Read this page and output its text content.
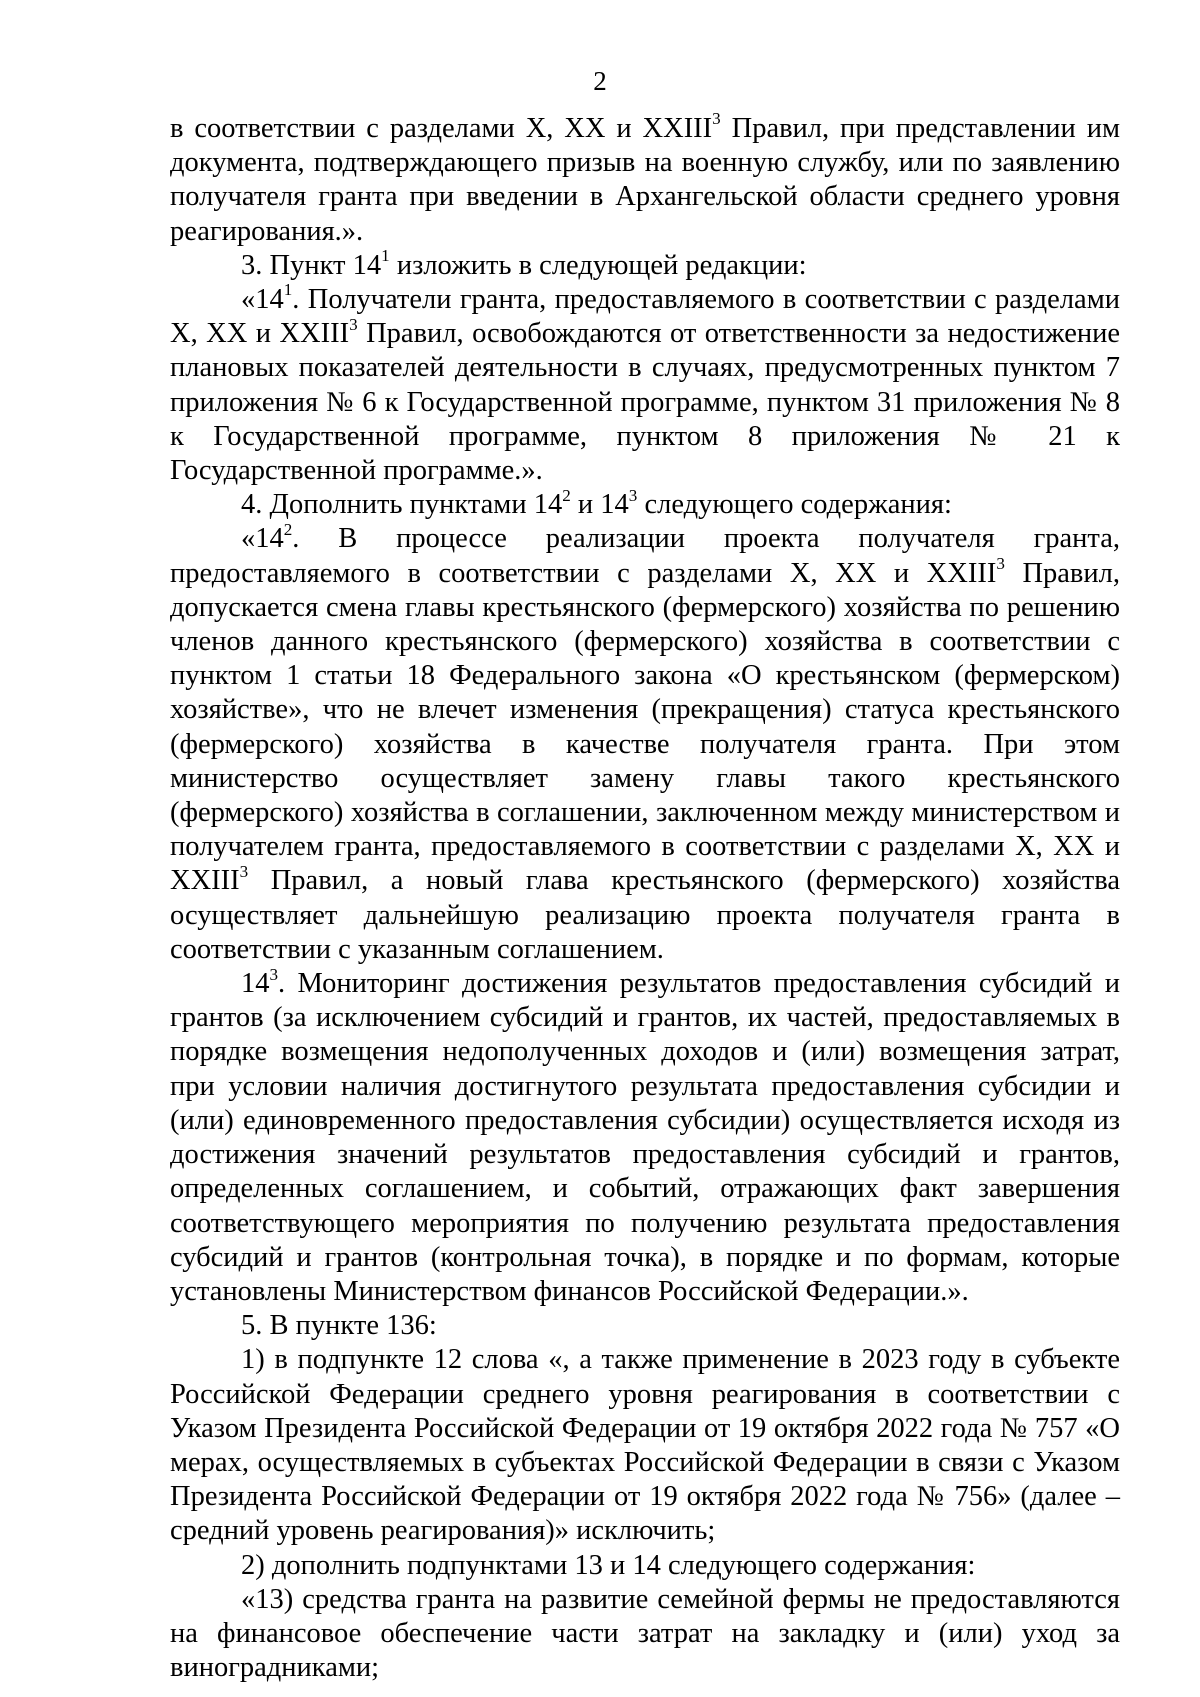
2

в соответствии с разделами X, XX и XXIII$^3$ Правил, при представлении им документа, подтверждающего призыв на военную службу, или по заявлению получателя гранта при введении в Архангельской области среднего уровня реагирования.».

3. Пункт $14^1$ изложить в следующей редакции:

«$14^1$. Получатели гранта, предоставляемого в соответствии с разделами X, XX и XXIII$^3$ Правил, освобождаются от ответственности за недостижение плановых показателей деятельности в случаях, предусмотренных пунктом 7 приложения № 6 к Государственной программе, пунктом 31 приложения № 8 к Государственной программе, пунктом 8 приложения № 21 к Государственной программе.».

4. Дополнить пунктами $14^2$ и $14^3$ следующего содержания:

«$14^2$. В процессе реализации проекта получателя гранта, предоставляемого в соответствии с разделами X, XX и XXIII$^3$ Правил, допускается смена главы крестьянского (фермерского) хозяйства по решению членов данного крестьянского (фермерского) хозяйства в соответствии с пунктом 1 статьи 18 Федерального закона «О крестьянском (фермерском) хозяйстве», что не влечет изменения (прекращения) статуса крестьянского (фермерского) хозяйства в качестве получателя гранта. При этом министерство осуществляет замену главы такого крестьянского (фермерского) хозяйства в соглашении, заключенном между министерством и получателем гранта, предоставляемого в соответствии с разделами X, XX и XXIII$^3$ Правил, а новый глава крестьянского (фермерского) хозяйства осуществляет дальнейшую реализацию проекта получателя гранта в соответствии с указанным соглашением.

$14^3$. Мониторинг достижения результатов предоставления субсидий и грантов (за исключением субсидий и грантов, их частей, предоставляемых в порядке возмещения недополученных доходов и (или) возмещения затрат, при условии наличия достигнутого результата предоставления субсидии и (или) единовременного предоставления субсидии) осуществляется исходя из достижения значений результатов предоставления субсидий и грантов, определенных соглашением, и событий, отражающих факт завершения соответствующего мероприятия по получению результата предоставления субсидий и грантов (контрольная точка), в порядке и по формам, которые установлены Министерством финансов Российской Федерации.».

5. В пункте 136:

1) в подпункте 12 слова «, а также применение в 2023 году в субъекте Российской Федерации среднего уровня реагирования в соответствии с Указом Президента Российской Федерации от 19 октября 2022 года № 757 «О мерах, осуществляемых в субъектах Российской Федерации в связи с Указом Президента Российской Федерации от 19 октября 2022 года № 756» (далее – средний уровень реагирования)» исключить;

2) дополнить подпунктами 13 и 14 следующего содержания:

«13) средства гранта на развитие семейной фермы не предоставляются на финансовое обеспечение части затрат на закладку и (или) уход за виноградниками;
